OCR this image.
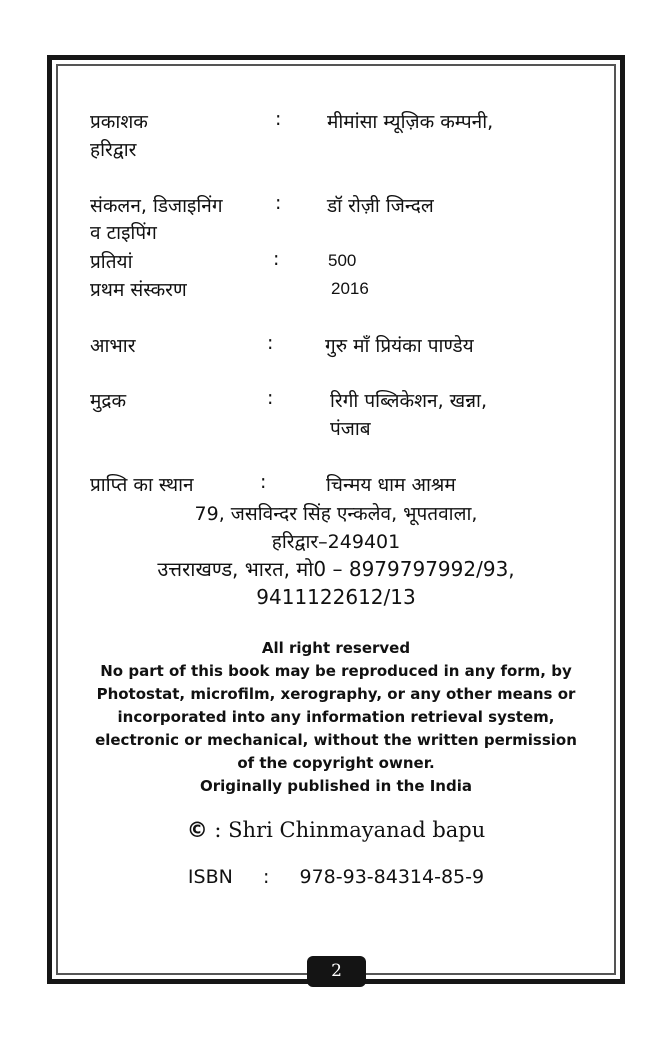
प्रकाशक	: मीमांसा म्यूज़िक कम्पनी,
हरिद्वार
संकलन, डिजाइनिंग
व टाइपिंग
: डॉ रोज़ी जिन्दल
प्रतियां	:	500
प्रथम संस्करण	2016
आभार	:	गुरु माँ प्रियंका पाण्डेय
मुद्रक	:	रिगी पब्लिकेशन, खन्ना,
पंजाब
प्राप्ति का स्थान	:	चिन्मय धाम आश्रम
79, जसविन्दर सिंह एन्कलेव, भूपतवाला,
हरिद्वार–249401
उत्तराखण्ड, भारत, मो0 – 8979797992/93,
9411122612/13
All right reserved
No part of this book may be reproduced in any form, by
Photostat, microfilm, xerography, or any other means or
incorporated into any information retrieval system,
electronic or mechanical, without the written permission
of the copyright owner.
Originally published in the India
© : Shri Chinmayanad bapu
ISBN : 978-93-84314-85-9
2
